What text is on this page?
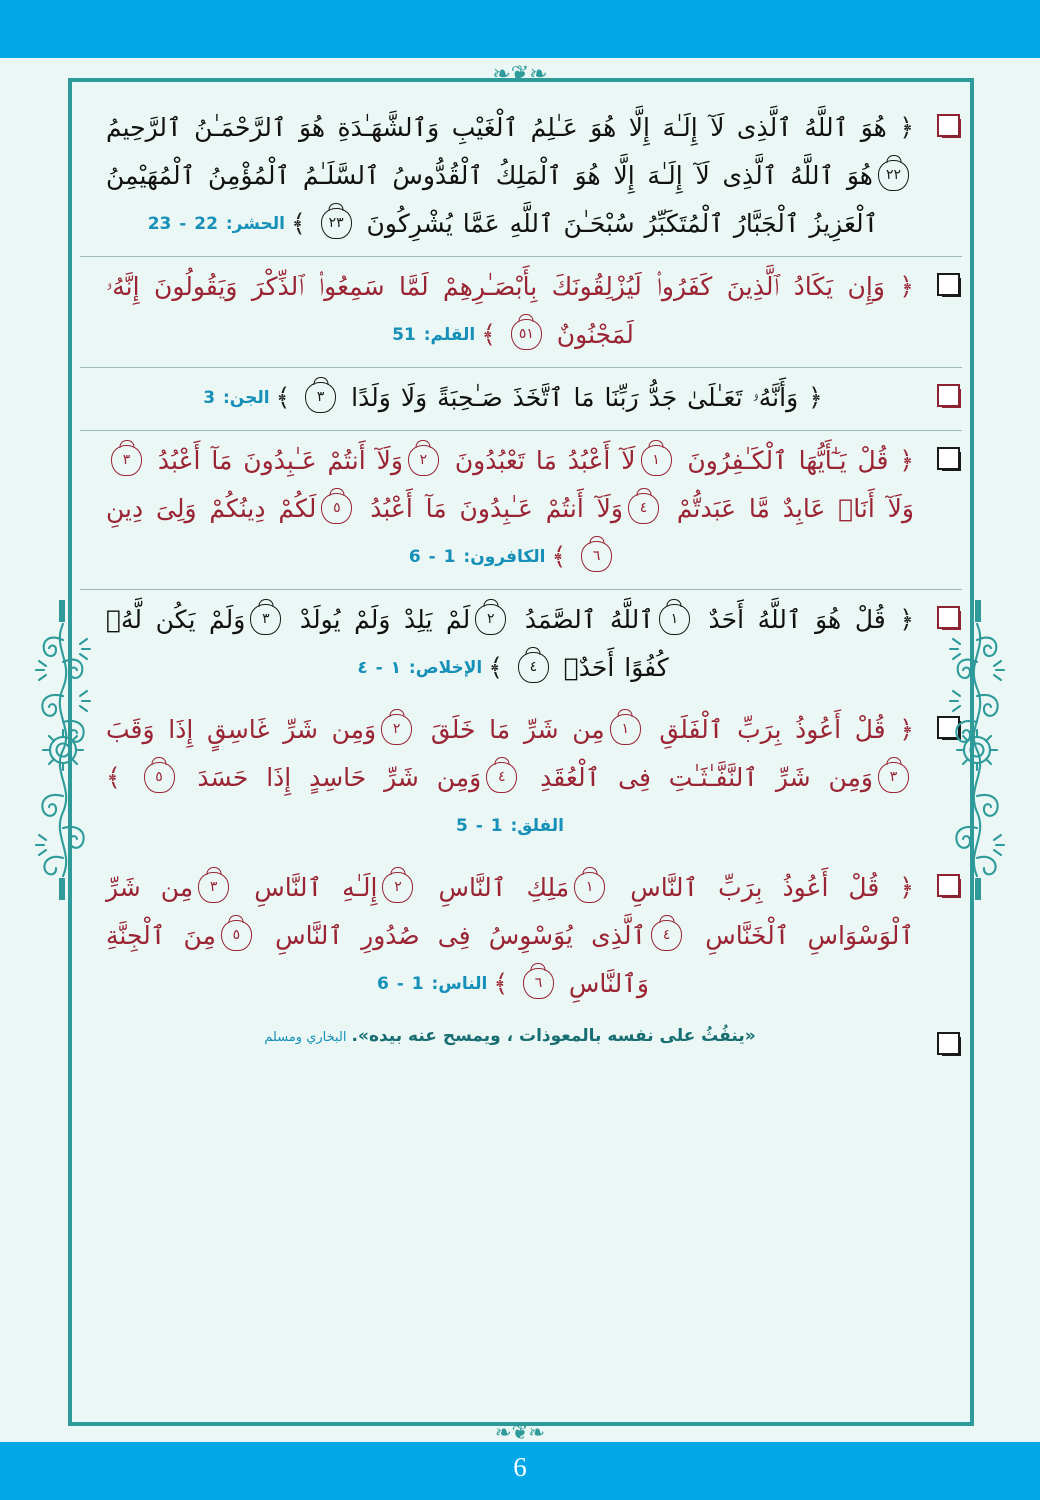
❧❦❧
❧❦❧
﴿ هُوَ ٱللَّهُ ٱلَّذِى لَآ إِلَـٰهَ إِلَّا هُوَ عَـٰلِمُ ٱلْغَيْبِ وَٱلشَّهَـٰدَةِ هُوَ ٱلرَّحْمَـٰنُ ٱلرَّحِيمُ ٢٢هُوَ ٱللَّهُ ٱلَّذِى لَآ إِلَـٰهَ إِلَّا هُوَ ٱلْمَلِكُ ٱلْقُدُّوسُ ٱلسَّلَـٰمُ ٱلْمُؤْمِنُ ٱلْمُهَيْمِنُ ٱلْعَزِيزُ ٱلْجَبَّارُ ٱلْمُتَكَبِّرُ سُبْحَـٰنَ ٱللَّهِ عَمَّا يُشْرِكُونَ ٢٣ ﴾الحشر: 22 - 23
﴿ وَإِن يَكَادُ ٱلَّذِينَ كَفَرُوا۟ لَيُزْلِقُونَكَ بِأَبْصَـٰرِهِمْ لَمَّا سَمِعُوا۟ ٱلذِّكْرَ وَيَقُولُونَ إِنَّهُۥ لَمَجْنُونٌ ٥١ ﴾القلم: 51
﴿ وَأَنَّهُۥ تَعَـٰلَىٰ جَدُّ رَبِّنَا مَا ٱتَّخَذَ صَـٰحِبَةً وَلَا وَلَدًا ٣ ﴾الجن: 3
﴿ قُلْ يَـٰٓأَيُّهَا ٱلْكَـٰفِرُونَ ١لَآ أَعْبُدُ مَا تَعْبُدُونَ ٢وَلَآ أَنتُمْ عَـٰبِدُونَ مَآ أَعْبُدُ ٣وَلَآ أَنَا۠ عَابِدٌ مَّا عَبَدتُّمْ ٤وَلَآ أَنتُمْ عَـٰبِدُونَ مَآ أَعْبُدُ ٥لَكُمْ دِينُكُمْ وَلِىَ دِينِ ٦ ﴾الكافرون: 1 - 6
﴿ قُلْ هُوَ ٱللَّهُ أَحَدٌ ١ٱللَّهُ ٱلصَّمَدُ ٢لَمْ يَلِدْ وَلَمْ يُولَدْ ٣وَلَمْ يَكُن لَّهُۥ كُفُوًا أَحَدٌۢ ٤ ﴾الإخلاص: ١ - ٤
﴿ قُلْ أَعُوذُ بِرَبِّ ٱلْفَلَقِ ١مِن شَرِّ مَا خَلَقَ ٢وَمِن شَرِّ غَاسِقٍ إِذَا وَقَبَ ٣وَمِن شَرِّ ٱلنَّفَّـٰثَـٰتِ فِى ٱلْعُقَدِ ٤وَمِن شَرِّ حَاسِدٍ إِذَا حَسَدَ ٥ ﴾الفلق: 1 - 5
﴿ قُلْ أَعُوذُ بِرَبِّ ٱلنَّاسِ ١مَلِكِ ٱلنَّاسِ ٢إِلَـٰهِ ٱلنَّاسِ ٣مِن شَرِّ ٱلْوَسْوَاسِ ٱلْخَنَّاسِ ٤ٱلَّذِى يُوَسْوِسُ فِى صُدُورِ ٱلنَّاسِ ٥مِنَ ٱلْجِنَّةِ وَٱلنَّاسِ ٦ ﴾الناس: 1 - 6
«ينفُثُ على نفسه بالمعوذات ، ويمسح عنه بيده».البخاري ومسلم
6
